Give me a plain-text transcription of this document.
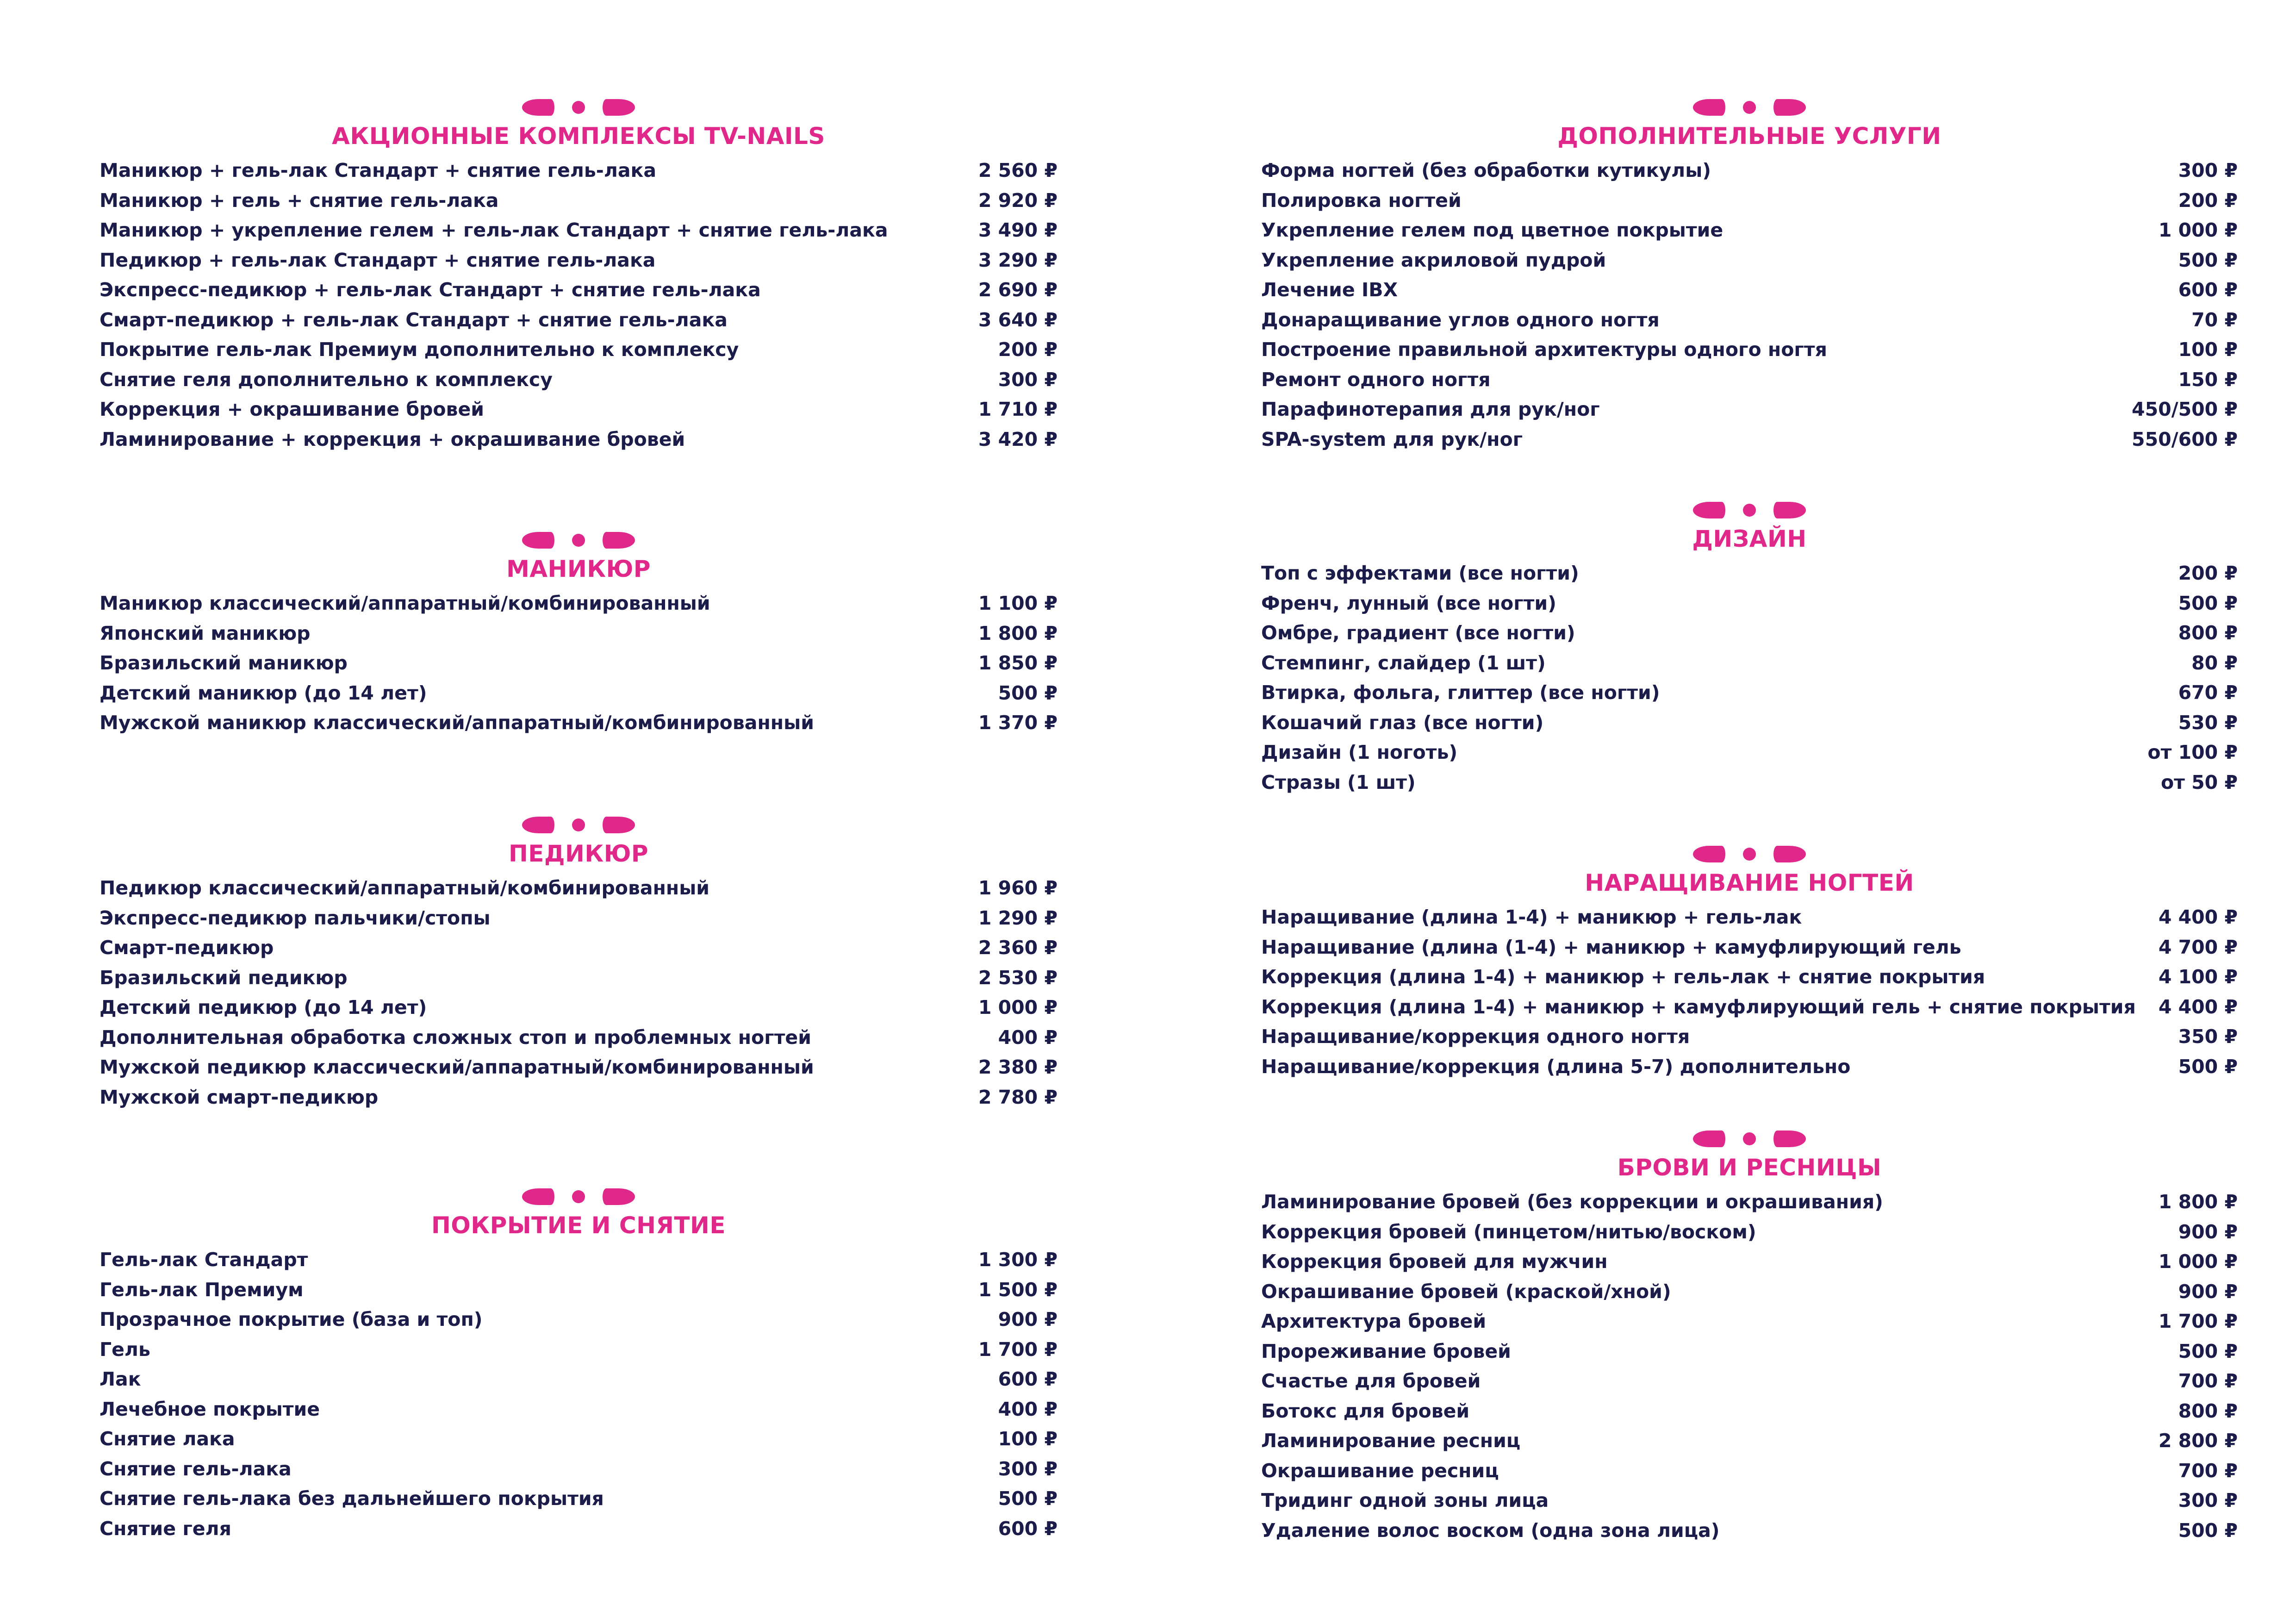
АКЦИОННЫЕ КОМПЛЕКСЫ TV-NAILS
Маникюр + гель-лак Стандарт + снятие гель-лака	2 560 ₽
Маникюр + гель + снятие гель-лака	2 920 ₽
Маникюр + укрепление гелем + гель-лак Стандарт + снятие гель-лака	3 490 ₽
Педикюр + гель-лак Стандарт + снятие гель-лака	3 290 ₽
Экспресс-педикюр + гель-лак Стандарт + снятие гель-лака	2 690 ₽
Смарт-педикюр + гель-лак Стандарт + снятие гель-лака	3 640 ₽
Покрытие гель-лак Премиум дополнительно к комплексу	200 ₽
Снятие геля дополнительно к комплексу	300 ₽
Коррекция + окрашивание бровей	1 710 ₽
Ламинирование + коррекция + окрашивание бровей	3 420 ₽
МАНИКЮР
Маникюр классический/аппаратный/комбинированный	1 100 ₽
Японский маникюр	1 800 ₽
Бразильский маникюр	1 850 ₽
Детский маникюр (до 14 лет)	500 ₽
Мужской маникюр классический/аппаратный/комбинированный	1 370 ₽
ПЕДИКЮР
Педикюр классический/аппаратный/комбинированный	1 960 ₽
Экспресс-педикюр пальчики/стопы	1 290 ₽
Смарт-педикюр	2 360 ₽
Бразильский педикюр	2 530 ₽
Детский педикюр (до 14 лет)	1 000 ₽
Дополнительная обработка сложных стоп и проблемных ногтей	400 ₽
Мужской педикюр классический/аппаратный/комбинированный	2 380 ₽
Мужской смарт-педикюр	2 780 ₽
ПОКРЫТИЕ И СНЯТИЕ
Гель-лак Стандарт	1 300 ₽
Гель-лак Премиум	1 500 ₽
Прозрачное покрытие (база и топ)	900 ₽
Гель	1 700 ₽
Лак	600 ₽
Лечебное покрытие	400 ₽
Снятие лака	100 ₽
Снятие гель-лака	300 ₽
Снятие гель-лака без дальнейшего покрытия	500 ₽
Снятие геля	600 ₽
ДОПОЛНИТЕЛЬНЫЕ УСЛУГИ
Форма ногтей (без обработки кутикулы)	300 ₽
Полировка ногтей	200 ₽
Укрепление гелем под цветное покрытие	1 000 ₽
Укрепление акриловой пудрой	500 ₽
Лечение IBX	600 ₽
Донаращивание углов одного ногтя	70 ₽
Построение правильной архитектуры одного ногтя	100 ₽
Ремонт одного ногтя	150 ₽
Парафинотерапия для рук/ног	450/500 ₽
SPA-system для рук/ног	550/600 ₽
ДИЗАЙН
Топ с эффектами (все ногти)	200 ₽
Френч, лунный (все ногти)	500 ₽
Омбре, градиент (все ногти)	800 ₽
Стемпинг, слайдер (1 шт)	80 ₽
Втирка, фольга, глиттер (все ногти)	670 ₽
Кошачий глаз (все ногти)	530 ₽
Дизайн (1 ноготь)	от 100 ₽
Стразы (1 шт)	от 50 ₽
НАРАЩИВАНИЕ НОГТЕЙ
Наращивание (длина 1-4) + маникюр + гель-лак	4 400 ₽
Наращивание (длина (1-4) + маникюр + камуфлирующий гель	4 700 ₽
Коррекция (длина 1-4) + маникюр + гель-лак + снятие покрытия	4 100 ₽
Коррекция (длина 1-4) + маникюр + камуфлирующий гель + снятие покрытия 4 400 ₽
Наращивание/коррекция одного ногтя	350 ₽
Наращивание/коррекция (длина 5-7) дополнительно	500 ₽
БРОВИ И РЕСНИЦЫ
Ламинирование бровей (без коррекции и окрашивания)	1 800 ₽
Коррекция бровей (пинцетом/нитью/воском)	900 ₽
Коррекция бровей для мужчин	1 000 ₽
Окрашивание бровей (краской/хной)	900 ₽
Архитектура бровей	1 700 ₽
Прореживание бровей	500 ₽
Счастье для бровей	700 ₽
Ботокс для бровей	800 ₽
Ламинирование ресниц	2 800 ₽
Окрашивание ресниц	700 ₽
Тридинг одной зоны лица	300 ₽
Удаление волос воском (одна зона лица)	500 ₽
